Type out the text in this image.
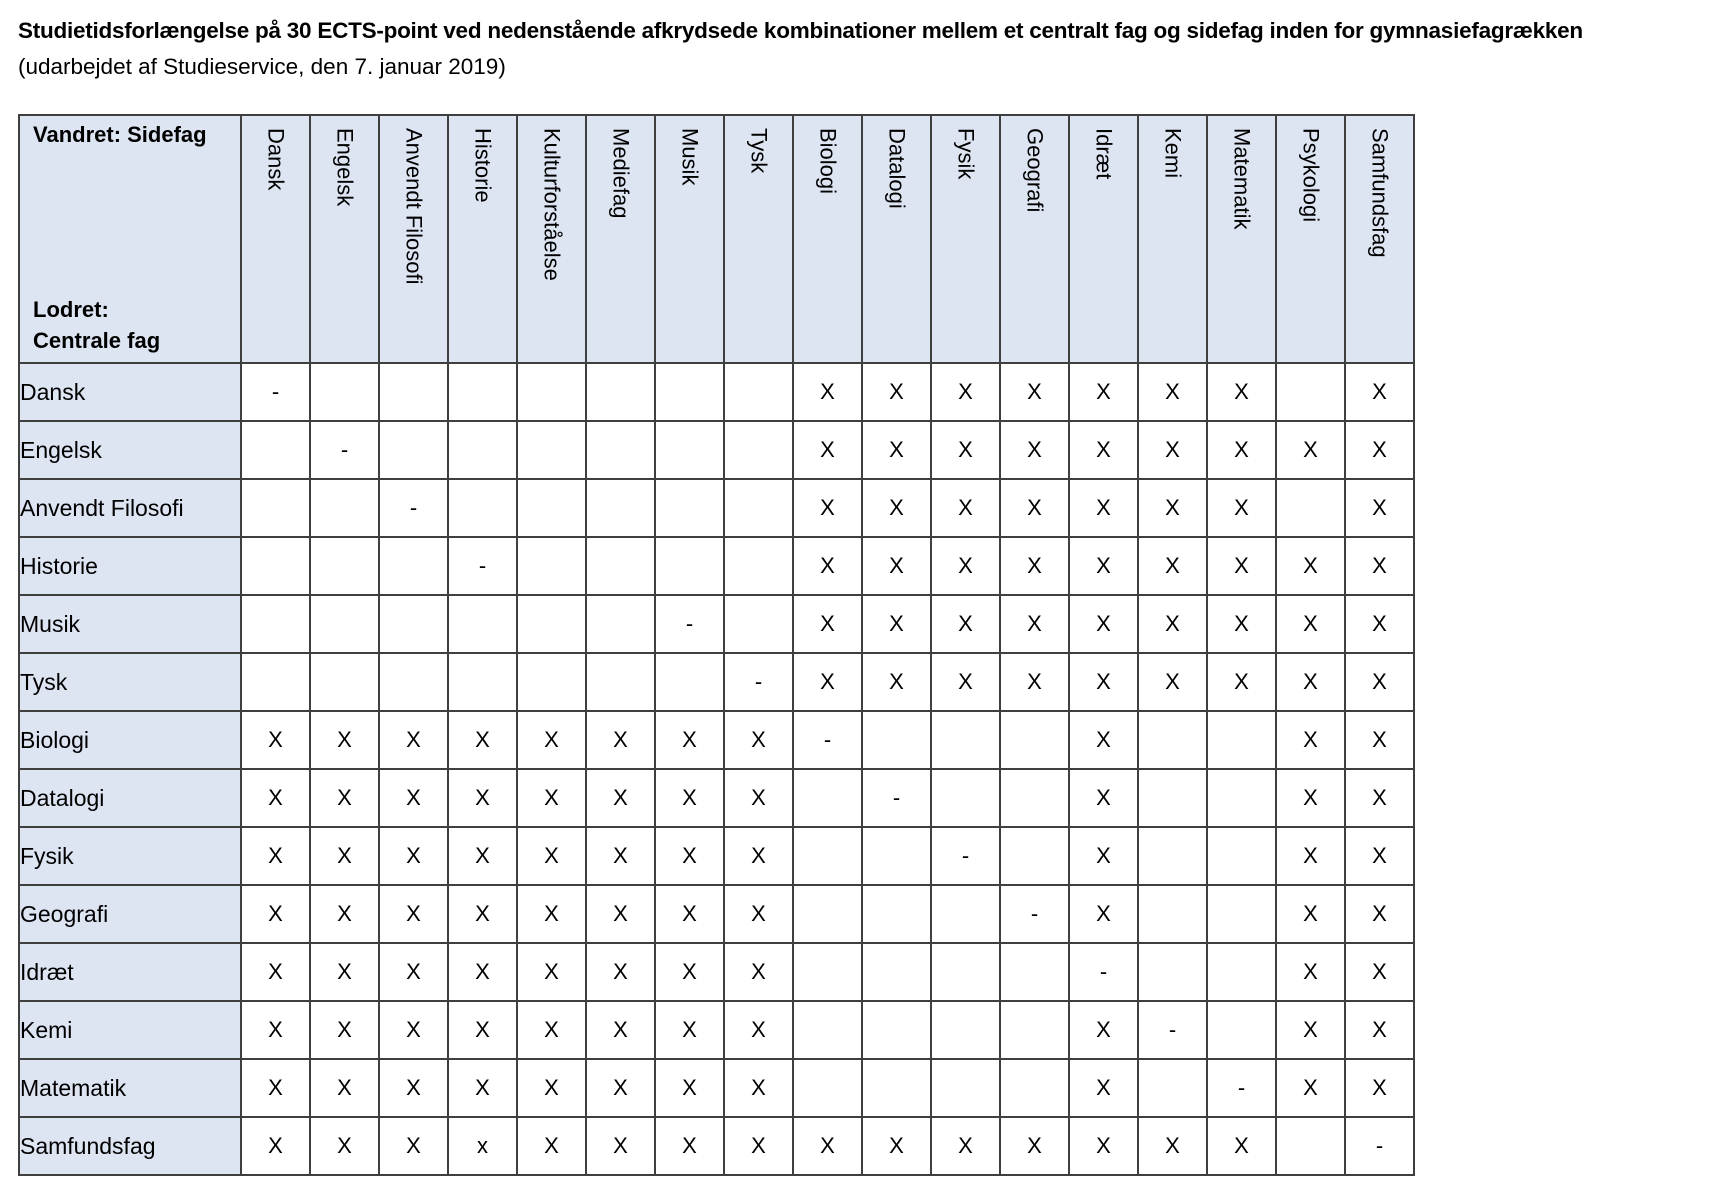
Studietidsforlængelse på 30 ECTS-point ved nedenstående afkrydsede kombinationer mellem et centralt fag og sidefag inden for gymnasiefagrækken
(udarbejdet af Studieservice, den 7. januar 2019)
Vandret: Sidefag
Lodret:
Centrale fag	Dansk	Engelsk	Anvendt Filosofi	Historie	Kulturforståelse	Mediefag	Musik	Tysk	Biologi	Datalogi	Fysik	Geografi	Idræt	Kemi	Matematik	Psykologi	Samfundsfag

Dansk	-								X	X	X	X	X	X	X		X
Engelsk		-							X	X	X	X	X	X	X	X	X
Anvendt Filosofi			-						X	X	X	X	X	X	X		X
Historie				-					X	X	X	X	X	X	X	X	X
Musik							-		X	X	X	X	X	X	X	X	X
Tysk								-	X	X	X	X	X	X	X	X	X
Biologi	X	X	X	X	X	X	X	X	-				X			X	X
Datalogi	X	X	X	X	X	X	X	X		-			X			X	X
Fysik	X	X	X	X	X	X	X	X			-		X			X	X
Geografi	X	X	X	X	X	X	X	X				-	X			X	X
Idræt	X	X	X	X	X	X	X	X					-			X	X
Kemi	X	X	X	X	X	X	X	X					X	-		X	X
Matematik	X	X	X	X	X	X	X	X					X		-	X	X
Samfundsfag	X	X	X	x	X	X	X	X	X	X	X	X	X	X	X		-
